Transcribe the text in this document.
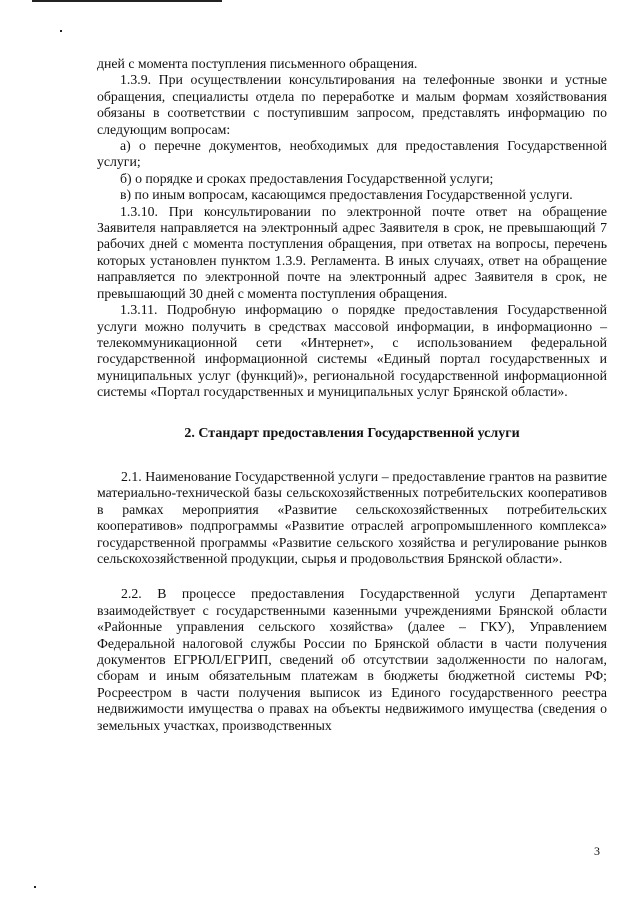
дней с момента поступления письменного обращения.

1.3.9. При осуществлении консультирования на телефонные звонки и устные обращения, специалисты отдела по переработке и малым формам хозяйствования обязаны в соответствии с поступившим запросом, представлять информацию по следующим вопросам:

а) о перечне документов, необходимых для предоставления Государственной услуги;

б) о порядке и сроках предоставления Государственной услуги;

в) по иным вопросам, касающимся предоставления Государственной услуги.

1.3.10. При консультировании по электронной почте ответ на обращение Заявителя направляется на электронный адрес Заявителя в срок, не превышающий 7 рабочих дней с момента поступления обращения, при ответах на вопросы, перечень которых установлен пунктом 1.3.9. Регламента. В иных случаях, ответ на обращение направляется по электронной почте на электронный адрес Заявителя в срок, не превышающий 30 дней с момента поступления обращения.

1.3.11. Подробную информацию о порядке предоставления Государственной услуги можно получить в средствах массовой информации, в информационно – телекоммуникационной сети «Интернет», с использованием федеральной государственной информационной системы «Единый портал государственных и муниципальных услуг (функций)», региональной государственной информационной системы «Портал государственных и муниципальных услуг Брянской области».

2. Стандарт предоставления Государственной услуги

2.1. Наименование Государственной услуги – предоставление грантов на развитие материально-технической базы сельскохозяйственных потребительских кооперативов в рамках мероприятия «Развитие сельскохозяйственных потребительских кооперативов» подпрограммы «Развитие отраслей агропромышленного комплекса» государственной программы «Развитие сельского хозяйства и регулирование рынков сельскохозяйственной продукции, сырья и продовольствия Брянской области».

2.2. В процессе предоставления Государственной услуги Департамент взаимодействует с государственными казенными учреждениями Брянской области «Районные управления сельского хозяйства» (далее – ГКУ), Управлением Федеральной налоговой службы России по Брянской области в части получения документов ЕГРЮЛ/ЕГРИП, сведений об отсутствии задолженности по налогам, сборам и иным обязательным платежам в бюджеты бюджетной системы РФ; Росреестром в части получения выписок из Единого государственного реестра недвижимости имущества о правах на объекты недвижимого имущества (сведения о земельных участках, производственных

3
